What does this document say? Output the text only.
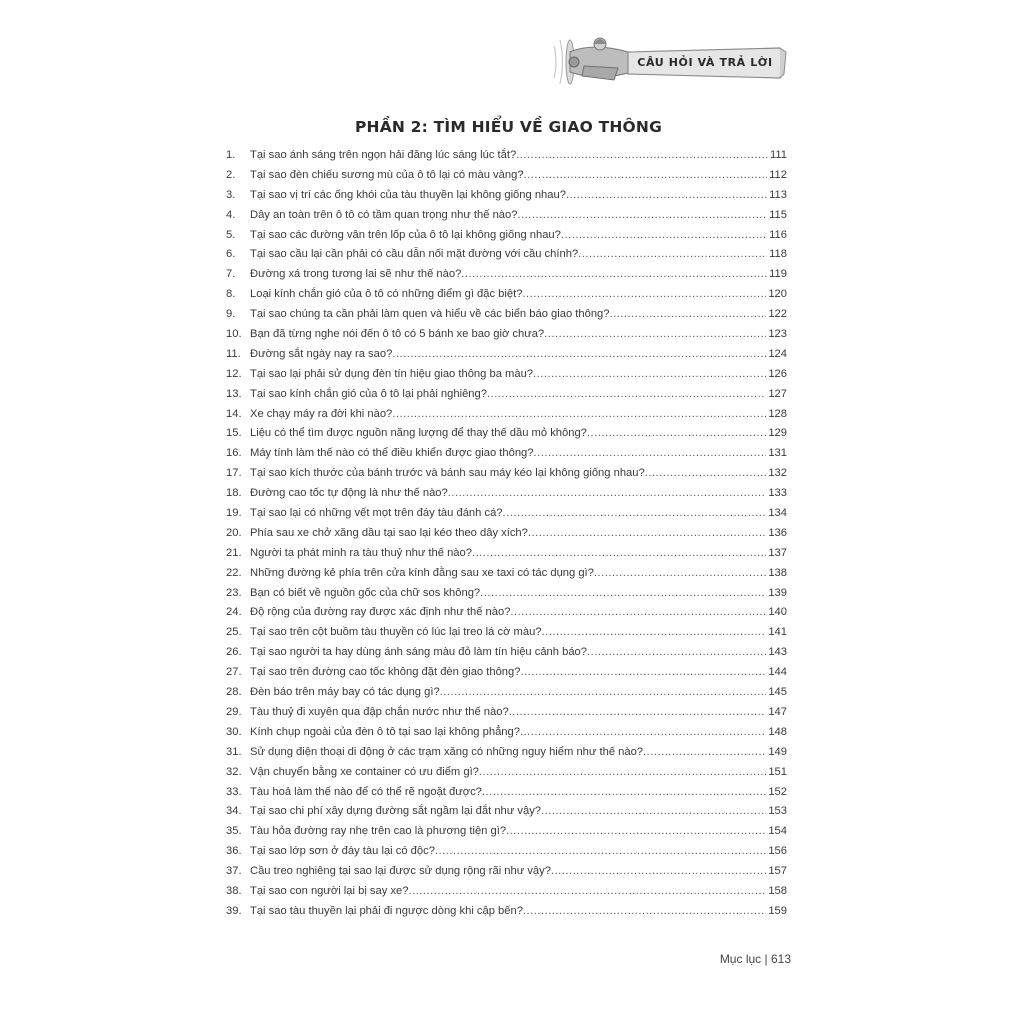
CÂU HỎI VÀ TRẢ LỜI
PHẦN 2: TÌM HIỂU VỀ GIAO THÔNG
1.	Tại sao ánh sáng trên ngọn hải đăng lúc sáng lúc tắt? .....	111
2.	Tại sao đèn chiếu sương mù của ô tô lại có màu vàng? .....	112
3.	Tại sao vị trí các ống khói của tàu thuyền lại không giống nhau? .....	113
4.	Dây an toàn trên ô tô có tầm quan trọng như thế nào? .....	115
5.	Tại sao các đường vân trên lốp của ô tô lại không giống nhau? .....	116
6.	Tại sao cầu lại cần phải có cầu dẫn nối mặt đường với cầu chính? .....	118
7.	Đường xá trong tương lai sẽ như thế nào? .....	119
8.	Loại kính chắn gió của ô tô có những điểm gì đặc biệt? .....	120
9.	Tại sao chúng ta cần phải làm quen và hiểu về các biển báo giao thông? .....	122
10. Bạn đã từng nghe nói đến ô tô có 5 bánh xe bao giờ chưa? .....	123
11. Đường sắt ngày nay ra sao? .....	124
12. Tại sao lại phải sử dụng đèn tín hiệu giao thông ba màu? .....	126
13. Tại sao kính chắn gió của ô tô lại phải nghiêng? .....	127
14. Xe chạy máy ra đời khi nào? .....	128
15. Liệu có thể tìm được nguồn năng lượng để thay thế dầu mỏ không? .....	129
16. Máy tính làm thế nào có thể điều khiển được giao thông? .....	131
17. Tại sao kích thước của bánh trước và bánh sau máy kéo lại không giống nhau? .....	132
18. Đường cao tốc tự động là như thế nào? .....	133
19. Tại sao lại có những vết mọt trên đáy tàu đánh cá? .....	134
20. Phía sau xe chở xăng dầu tại sao lại kéo theo dây xích? .....	136
21. Người ta phát minh ra tàu thuỷ như thế nào? .....	137
22. Những đường kẻ phía trên cửa kính đằng sau xe taxi có tác dụng gì? .....	138
23. Bạn có biết về nguồn gốc của chữ sos không? .....	139
24. Độ rộng của đường ray được xác định như thế nào? .....	140
25. Tại sao trên cột buồm tàu thuyền có lúc lại treo lá cờ màu? .....	141
26. Tại sao người ta hay dùng ánh sáng màu đỏ làm tín hiệu cảnh báo? .....	143
27. Tại sao trên đường cao tốc không đặt đèn giao thông? .....	144
28. Đèn báo trên máy bay có tác dụng gì? .....	145
29. Tàu thuỷ đi xuyên qua đập chắn nước như thế nào? .....	147
30. Kính chụp ngoài của đèn ô tô tại sao lại không phẳng? .....	148
31. Sử dụng điện thoại di động ở các trạm xăng có những nguy hiểm như thế nào? .....	149
32. Vận chuyển bằng xe container có ưu điểm gì? .....	151
33. Tàu hoả làm thế nào để có thể rẽ ngoặt được? .....	152
34. Tại sao chi phí xây dựng đường sắt ngầm lại đắt như vậy? .....	153
35. Tàu hỏa đường ray nhẹ trên cao là phương tiện gì? .....	154
36. Tại sao lớp sơn ở đáy tàu lại có độc? .....	156
37. Cầu treo nghiêng tại sao lại được sử dụng rộng rãi như vậy? .....	157
38. Tại sao con người lại bị say xe? .....	158
39. Tại sao tàu thuyền lại phải đi ngược dòng khi cập bến? .....	159
Mục lục | 613
